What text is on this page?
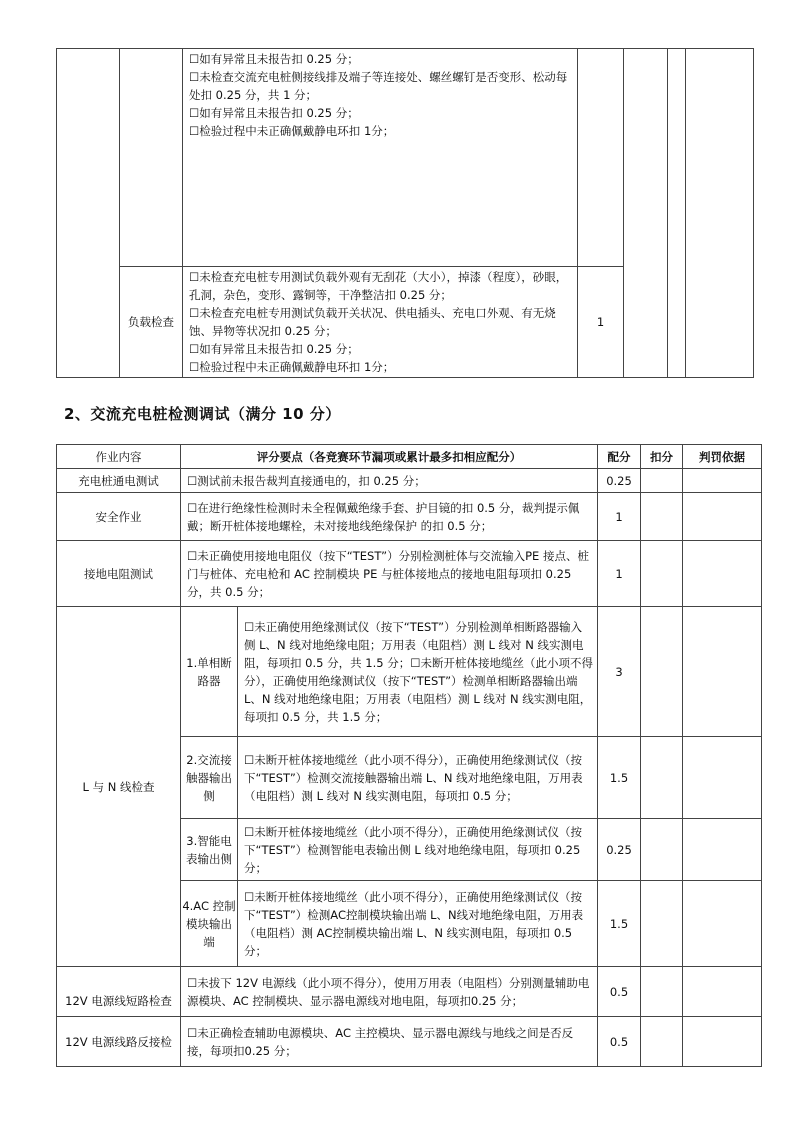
		☐如有异常且未报告扣 0.25 分；
☐未检查交流充电桩侧接线排及端子等连接处、螺丝螺钉是否变形、松动每处扣 0.25 分，共 1 分；
☐如有异常且未报告扣 0.25 分；
☐检验过程中未正确佩戴静电环扣 1分；				

	负载检查	☐未检查充电桩专用测试负载外观有无刮花（大小），掉漆（程度），砂眼，孔洞，杂色，变形、露铜等，干净整洁扣 0.25 分；
☐未检查充电桩专用测试负载开关状况、供电插头、充电口外观、有无烧蚀、异物等状况扣 0.25 分；
☐如有异常且未报告扣 0.25 分；
☐检验过程中未正确佩戴静电环扣 1分；	1			
2、交流充电桩检测调试（满分 10 分）
作业内容	评分要点（各竞赛环节漏项或累计最多扣相应配分）		配分	扣分	判罚依据
充电桩通电测试	☐测试前未报告裁判直接通电的，扣 0.25 分；		0.25		
安全作业	☐在进行绝缘性检测时未全程佩戴绝缘手套、护目镜的扣 0.5 分，裁判提示佩戴；断开桩体接地螺栓，未对接地线绝缘保护 的扣 0.5 分；		1		
接地电阻测试	☐未正确使用接地电阻仪（按下“TEST”）分别检测桩体与交流输入PE 接点、桩门与桩体、充电枪和 AC 控制模块 PE 与桩体接地点的接地电阻每项扣 0.25 分，共 0.5 分；		1		
L 与 N 线检查	1.单相断路器	☐未正确使用绝缘测试仪（按下“TEST”）分别检测单相断路器输入侧 L、N 线对地绝缘电阻；万用表（电阻档）测 L 线对 N 线实测电阻，每项扣 0.5 分，共 1.5 分；☐未断开桩体接地缆丝（此小项不得分），正确使用绝缘测试仪（按下“TEST”）检测单相断路器输出端 L、N 线对地绝缘电阻；万用表（电阻档）测 L 线对 N 线实测电阻，每项扣 0.5 分，共 1.5 分；	3		
	2.交流接触器输出侧	☐未断开桩体接地缆丝（此小项不得分），正确使用绝缘测试仪（按下“TEST”）检测交流接触器输出端 L、N 线对地绝缘电阻，万用表（电阻档）测 L 线对 N 线实测电阻，每项扣 0.5 分；	1.5		
	3.智能电表输出侧	☐未断开桩体接地缆丝（此小项不得分），正确使用绝缘测试仪（按下“TEST”）检测智能电表输出侧 L 线对地绝缘电阻，每项扣 0.25 分；	0.25		
	4.AC 控制模块输出端	☐未断开桩体接地缆丝（此小项不得分），正确使用绝缘测试仪（按下“TEST”）检测AC控制模块输出端 L、N线对地绝缘电阻，万用表（电阻档）测 AC控制模块输出端 L、N 线实测电阻，每项扣 0.5分；	1.5		
12V 电源线短路检查	☐未拔下 12V 电源线（此小项不得分），使用万用表（电阻档）分别测量辅助电源模块、AC 控制模块、显示器电源线对地电阻，每项扣0.25 分；		0.5		
12V 电源线路反接检	☐未正确检查辅助电源模块、AC 主控模块、显示器电源线与地线之间是否反接，每项扣0.25 分；		0.5		
